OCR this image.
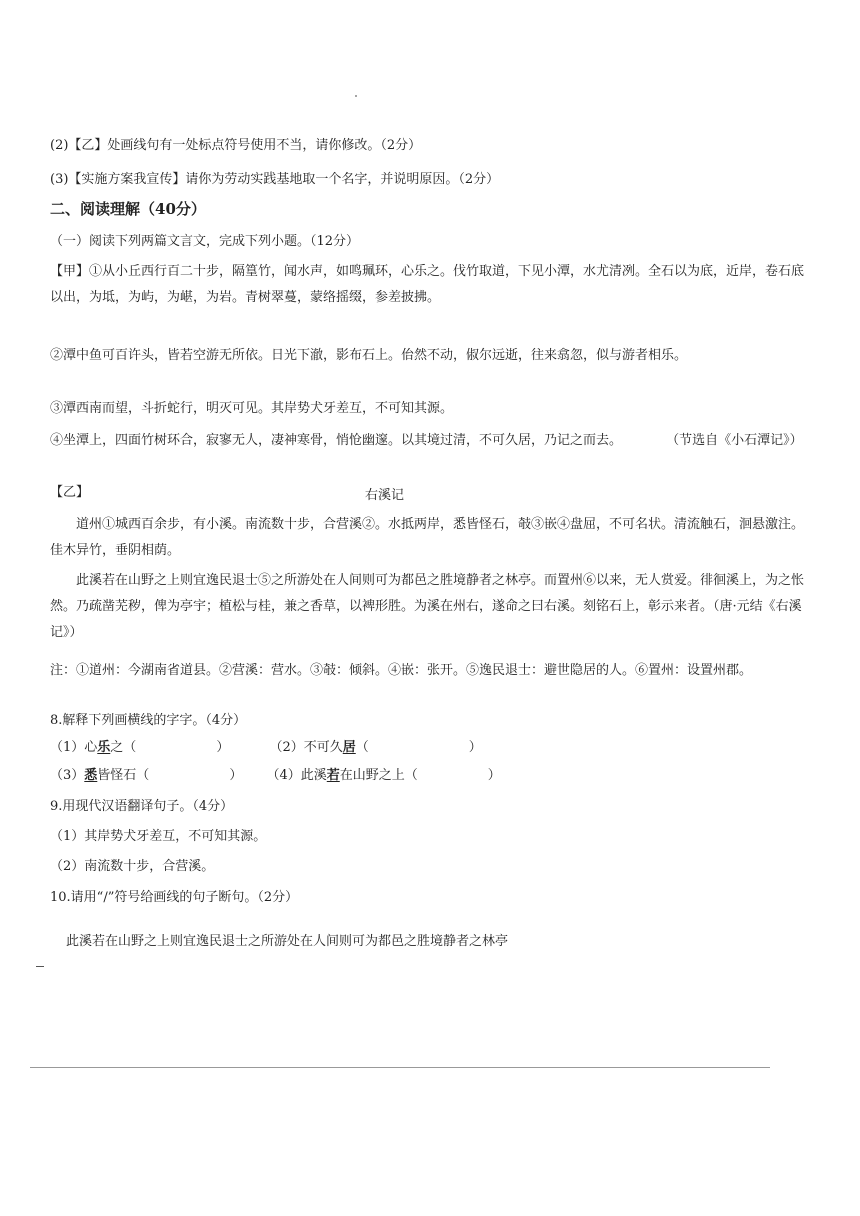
(2)【乙】处画线句有一处标点符号使用不当，请你修改。（2分）
(3)【实施方案我宣传】请你为劳动实践基地取一个名字，并说明原因。（2分）
二、阅读理解（40分）
（一）阅读下列两篇文言文，完成下列小题。（12分）
【甲】①从小丘西行百二十步，隔篁竹，闻水声，如鸣珮环，心乐之。伐竹取道，下见小潭，水尤清冽。全石以为底，近岸，卷石底以出，为坻，为屿，为嵁，为岩。青树翠蔓，蒙络摇缀，参差披拂。
②潭中鱼可百许头，皆若空游无所依。日光下澈，影布石上。佁然不动，俶尔远逝，往来翕忽，似与游者相乐。
③潭西南而望，斗折蛇行，明灭可见。其岸势犬牙差互，不可知其源。
④坐潭上，四面竹树环合，寂寥无人，凄神寒骨，悄怆幽邃。以其境过清，不可久居，乃记之而去。	（节选自《小石潭记》）
【乙】	右溪记
道州①城西百余步，有小溪。南流数十步，合营溪②。水抵两岸，悉皆怪石，攲③嵌④盘屈，不可名状。清流触石，洄悬激注。佳木异竹，垂阴相荫。
此溪若在山野之上则宜逸民退士⑤之所游处在人间则可为都邑之胜境静者之林亭。而置州⑥以来，无人赏爱。徘徊溪上，为之怅然。乃疏凿芜秽，俾为亭宇；植松与桂，兼之香草，以裨形胜。为溪在州右，遂命之曰右溪。刻铭石上，彰示来者。（唐·元结《右溪记》）
注：①道州：今湖南省道县。②营溪：营水。③攲：倾斜。④嵌：张开。⑤逸民退士：避世隐居的人。⑥置州：设置州郡。
8.解释下列画横线的字字。（4分）
（1）心乐之（	）	（2）不可久居（	）
（3）悉皆怪石（	） （4）此溪若在山野之上（	）
9.用现代汉语翻译句子。（4分）
（1）其岸势犬牙差互，不可知其源。
（2）南流数十步，合营溪。
10.请用“/”符号给画线的句子断句。（2分）
此溪若在山野之上则宜逸民退士之所游处在人间则可为都邑之胜境静者之林亭
